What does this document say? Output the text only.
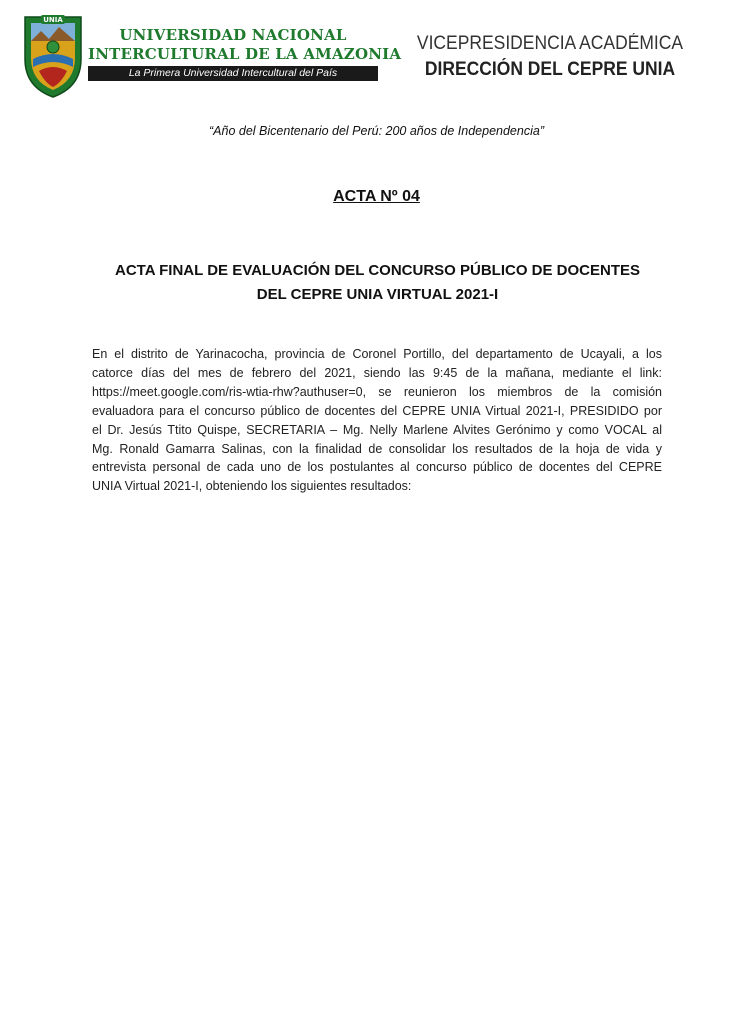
UNIA
UNIVERSIDAD NACIONAL
INTERCULTURAL DE LA AMAZONIA
La Primera Universidad Intercultural del País
VICEPRESIDENCIA ACADÉMICA
DIRECCIÓN DEL CEPRE UNIA
“Año del Bicentenario del Perú: 200 años de Independencia”
ACTA Nº 04
ACTA FINAL DE EVALUACIÓN DEL CONCURSO PÚBLICO DE DOCENTES
DEL CEPRE UNIA VIRTUAL 2021-I
En el distrito de Yarinacocha, provincia de Coronel Portillo, del departamento de Ucayali, a los
catorce días del mes de febrero del 2021, siendo las 9:45 de la mañana, mediante el link:
https://meet.google.com/ris-wtia-rhw?authuser=0, se reunieron los miembros de la comisión
evaluadora para el concurso público de docentes del CEPRE UNIA Virtual 2021-I, PRESIDIDO por
el Dr. Jesús Ttito Quispe, SECRETARIA – Mg. Nelly Marlene Alvites Gerónimo y como VOCAL al
Mg. Ronald Gamarra Salinas, con la finalidad de consolidar los resultados de la hoja de vida y
entrevista personal de cada uno de los postulantes al concurso público de docentes del CEPRE
UNIA Virtual 2021-I, obteniendo los siguientes resultados:
